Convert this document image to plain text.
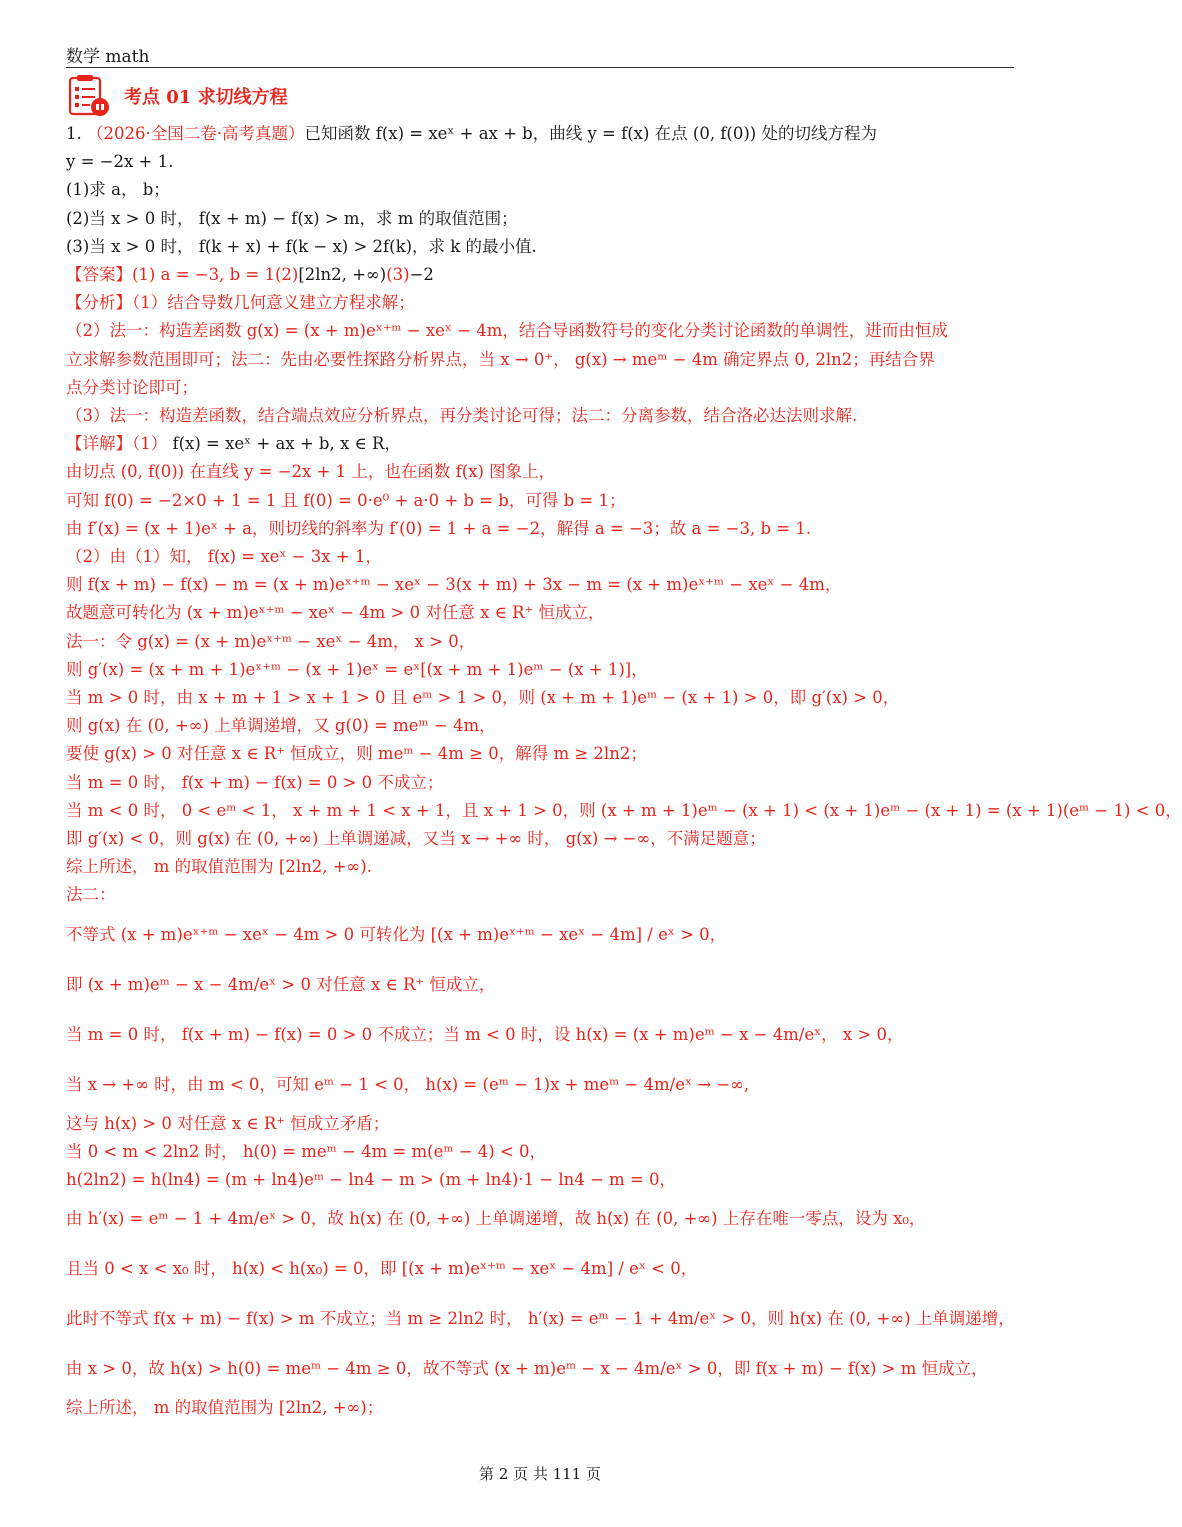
数学 math
考点 01 求切线方程
1. （2026·全国二卷·高考真题）已知函数 f(x) = xeˣ + ax + b，曲线 y = f(x) 在点 (0, f(0)) 处的切线方程为
y = −2x + 1.
(1)求 a， b；
(2)当 x > 0 时， f(x + m) − f(x) > m，求 m 的取值范围；
(3)当 x > 0 时， f(k + x) + f(k − x) > 2f(k)，求 k 的最小值.
【答案】(1) a = −3, b = 1(2)[2ln2, +∞)(3)−2
【分析】（1）结合导数几何意义建立方程求解；
（2）法一：构造差函数 g(x) = (x + m)eˣ⁺ᵐ − xeˣ − 4m，结合导函数符号的变化分类讨论函数的单调性，进而由恒成
立求解参数范围即可；法二：先由必要性探路分析界点，当 x → 0⁺， g(x) → meᵐ − 4m 确定界点 0, 2ln2；再结合界
点分类讨论即可；
（3）法一：构造差函数，结合端点效应分析界点，再分类讨论可得；法二：分离参数，结合洛必达法则求解.
【详解】（1） f(x) = xeˣ + ax + b, x ∈ R，
由切点 (0, f(0)) 在直线 y = −2x + 1 上，也在函数 f(x) 图象上，
可知 f(0) = −2×0 + 1 = 1 且 f(0) = 0·e⁰ + a·0 + b = b，可得 b = 1；
由 f′(x) = (x + 1)eˣ + a，则切线的斜率为 f′(0) = 1 + a = −2，解得 a = −3；故 a = −3, b = 1.
（2）由（1）知， f(x) = xeˣ − 3x + 1，
则 f(x + m) − f(x) − m = (x + m)eˣ⁺ᵐ − xeˣ − 3(x + m) + 3x − m = (x + m)eˣ⁺ᵐ − xeˣ − 4m，
故题意可转化为 (x + m)eˣ⁺ᵐ − xeˣ − 4m > 0 对任意 x ∈ R⁺ 恒成立，
法一：令 g(x) = (x + m)eˣ⁺ᵐ − xeˣ − 4m， x > 0，
则 g′(x) = (x + m + 1)eˣ⁺ᵐ − (x + 1)eˣ = eˣ[(x + m + 1)eᵐ − (x + 1)]，
当 m > 0 时，由 x + m + 1 > x + 1 > 0 且 eᵐ > 1 > 0，则 (x + m + 1)eᵐ − (x + 1) > 0，即 g′(x) > 0，
则 g(x) 在 (0, +∞) 上单调递增，又 g(0) = meᵐ − 4m，
要使 g(x) > 0 对任意 x ∈ R⁺ 恒成立，则 meᵐ − 4m ≥ 0，解得 m ≥ 2ln2；
当 m = 0 时， f(x + m) − f(x) = 0 > 0 不成立；
当 m < 0 时， 0 < eᵐ < 1， x + m + 1 < x + 1，且 x + 1 > 0，则 (x + m + 1)eᵐ − (x + 1) < (x + 1)eᵐ − (x + 1) = (x + 1)(eᵐ − 1) < 0，
即 g′(x) < 0，则 g(x) 在 (0, +∞) 上单调递减，又当 x → +∞ 时， g(x) → −∞，不满足题意；
综上所述， m 的取值范围为 [2ln2, +∞).
法二：
不等式 (x + m)eˣ⁺ᵐ − xeˣ − 4m > 0 可转化为 [(x + m)eˣ⁺ᵐ − xeˣ − 4m] / eˣ > 0，
即 (x + m)eᵐ − x − 4m/eˣ > 0 对任意 x ∈ R⁺ 恒成立，
当 m = 0 时， f(x + m) − f(x) = 0 > 0 不成立；当 m < 0 时，设 h(x) = (x + m)eᵐ − x − 4m/eˣ， x > 0，
当 x → +∞ 时，由 m < 0，可知 eᵐ − 1 < 0， h(x) = (eᵐ − 1)x + meᵐ − 4m/eˣ → −∞,
这与 h(x) > 0 对任意 x ∈ R⁺ 恒成立矛盾；
当 0 < m < 2ln2 时， h(0) = meᵐ − 4m = m(eᵐ − 4) < 0，
h(2ln2) = h(ln4) = (m + ln4)eᵐ − ln4 − m > (m + ln4)·1 − ln4 − m = 0，
由 h′(x) = eᵐ − 1 + 4m/eˣ > 0，故 h(x) 在 (0, +∞) 上单调递增，故 h(x) 在 (0, +∞) 上存在唯一零点，设为 x₀，
且当 0 < x < x₀ 时， h(x) < h(x₀) = 0，即 [(x + m)eˣ⁺ᵐ − xeˣ − 4m] / eˣ < 0，
此时不等式 f(x + m) − f(x) > m 不成立；当 m ≥ 2ln2 时， h′(x) = eᵐ − 1 + 4m/eˣ > 0，则 h(x) 在 (0, +∞) 上单调递增，
由 x > 0，故 h(x) > h(0) = meᵐ − 4m ≥ 0，故不等式 (x + m)eᵐ − x − 4m/eˣ > 0，即 f(x + m) − f(x) > m 恒成立，
综上所述， m 的取值范围为 [2ln2, +∞)；
第 2 页 共 111 页
